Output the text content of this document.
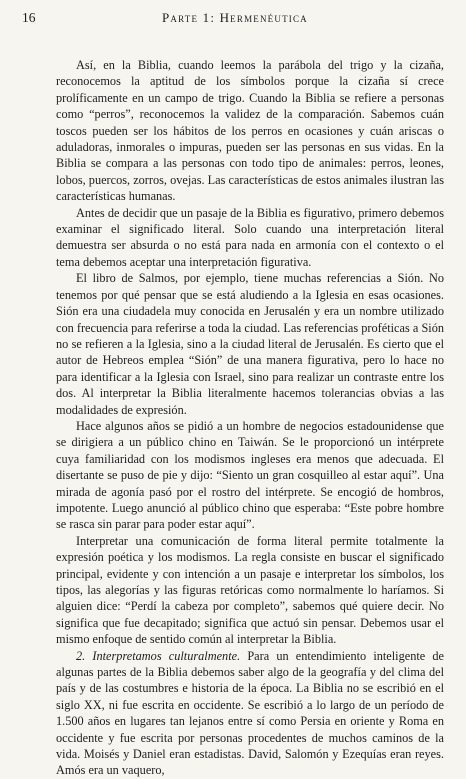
16	Parte 1: Hermenéutica

Así, en la Biblia, cuando leemos la parábola del trigo y la cizaña, reconocemos la aptitud de los símbolos porque la cizaña sí crece prolíficamente en un campo de trigo. Cuando la Biblia se refiere a personas como “perros”, reconocemos la validez de la comparación. Sabemos cuán toscos pueden ser los hábitos de los perros en ocasiones y cuán ariscas o aduladoras, inmorales o impuras, pueden ser las personas en sus vidas. En la Biblia se compara a las personas con todo tipo de animales: perros, leones, lobos, puercos, zorros, ovejas. Las características de estos animales ilustran las características humanas.

Antes de decidir que un pasaje de la Biblia es figurativo, primero debemos examinar el significado literal. Solo cuando una interpretación literal demuestra ser absurda o no está para nada en armonía con el contexto o el tema debemos aceptar una interpretación figurativa.

El libro de Salmos, por ejemplo, tiene muchas referencias a Sión. No tenemos por qué pensar que se está aludiendo a la Iglesia en esas ocasiones. Sión era una ciudadela muy conocida en Jerusalén y era un nombre utilizado con frecuencia para referirse a toda la ciudad. Las referencias proféticas a Sión no se refieren a la Iglesia, sino a la ciudad literal de Jerusalén. Es cierto que el autor de Hebreos emplea “Sión” de una manera figurativa, pero lo hace no para identificar a la Iglesia con Israel, sino para realizar un contraste entre los dos. Al interpretar la Biblia literalmente hacemos tolerancias obvias a las modalidades de expresión.

Hace algunos años se pidió a un hombre de negocios estadounidense que se dirigiera a un público chino en Taiwán. Se le proporcionó un intérprete cuya familiaridad con los modismos ingleses era menos que adecuada. El disertante se puso de pie y dijo: “Siento un gran cosquilleo al estar aquí”. Una mirada de agonía pasó por el rostro del intérprete. Se encogió de hombros, impotente. Luego anunció al público chino que esperaba: “Este pobre hombre se rasca sin parar para poder estar aquí”.

Interpretar una comunicación de forma literal permite totalmente la expresión poética y los modismos. La regla consiste en buscar el significado principal, evidente y con intención a un pasaje e interpretar los símbolos, los tipos, las alegorías y las figuras retóricas como normalmente lo haríamos. Si alguien dice: “Perdí la cabeza por completo”, sabemos qué quiere decir. No significa que fue decapitado; significa que actuó sin pensar. Debemos usar el mismo enfoque de sentido común al interpretar la Biblia.

2. Interpretamos culturalmente. Para un entendimiento inteligente de algunas partes de la Biblia debemos saber algo de la geografía y del clima del país y de las costumbres e historia de la época. La Biblia no se escribió en el siglo XX, ni fue escrita en occidente. Se escribió a lo largo de un período de 1.500 años en lugares tan lejanos entre sí como Persia en oriente y Roma en occidente y fue escrita por personas procedentes de muchos caminos de la vida. Moisés y Daniel eran estadistas. David, Salomón y Ezequías eran reyes. Amós era un vaquero,
